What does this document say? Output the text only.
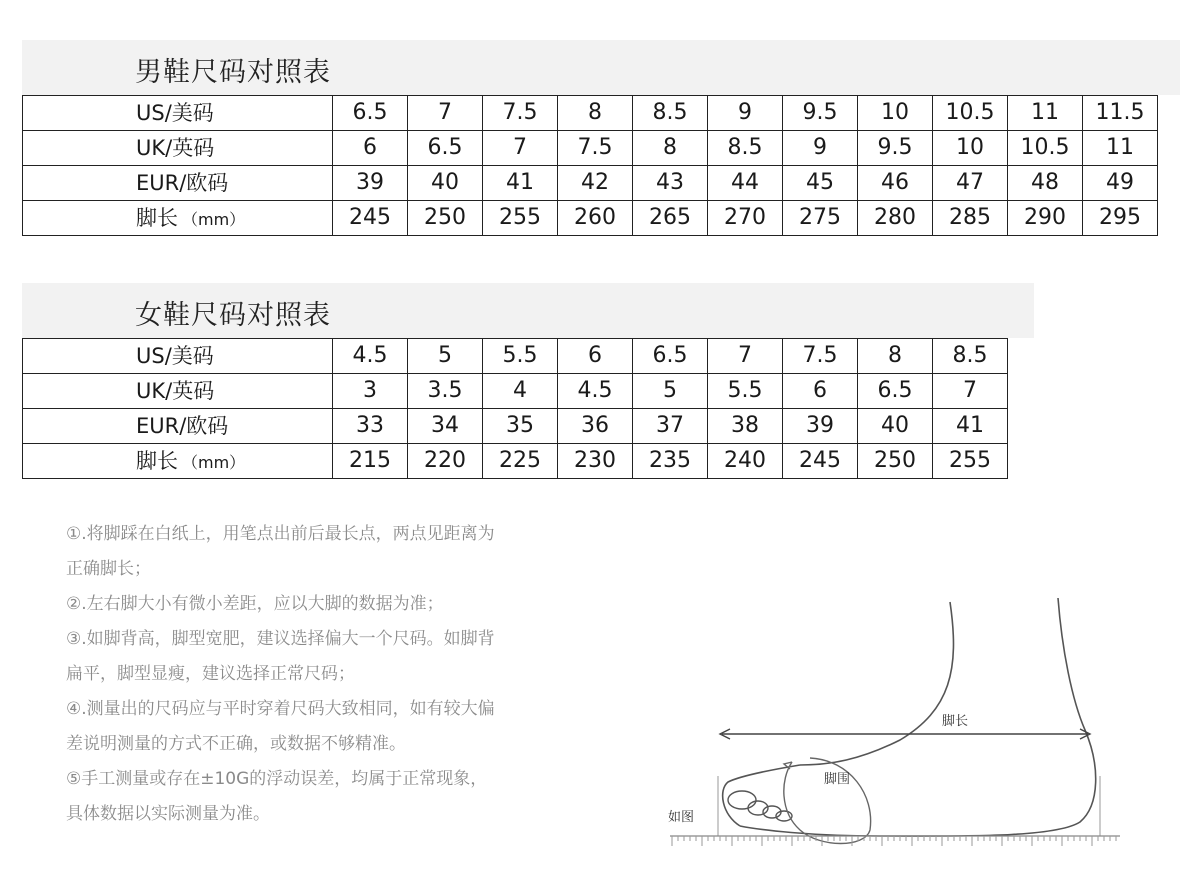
男鞋尺码对照表
US/美码	6.5	7	7.5	8	8.5	9	9.5	10	10.5	11	11.5
UK/英码	6	6.5	7	7.5	8	8.5	9	9.5	10	10.5	11
EUR/欧码	39	40	41	42	43	44	45	46	47	48	49
脚长 （mm）	245	250	255	260	265	270	275	280	285	290	295
女鞋尺码对照表
US/美码	4.5	5	5.5	6	6.5	7	7.5	8	8.5
UK/英码	3	3.5	4	4.5	5	5.5	6	6.5	7
EUR/欧码	33	34	35	36	37	38	39	40	41
脚长 （mm）	215	220	225	230	235	240	245	250	255

①.将脚踩在白纸上，用笔点出前后最长点，两点见距离为

正确脚长；

②.左右脚大小有微小差距，应以大脚的数据为准；

③.如脚背高，脚型宽肥，建议选择偏大一个尺码。如脚背

扁平，脚型显瘦，建议选择正常尺码；

④.测量出的尺码应与平时穿着尺码大致相同，如有较大偏

差说明测量的方式不正确，或数据不够精准。

⑤手工测量或存在±10G的浮动误差，均属于正常现象，

具体数据以实际测量为准。

脚长
脚围
如图
